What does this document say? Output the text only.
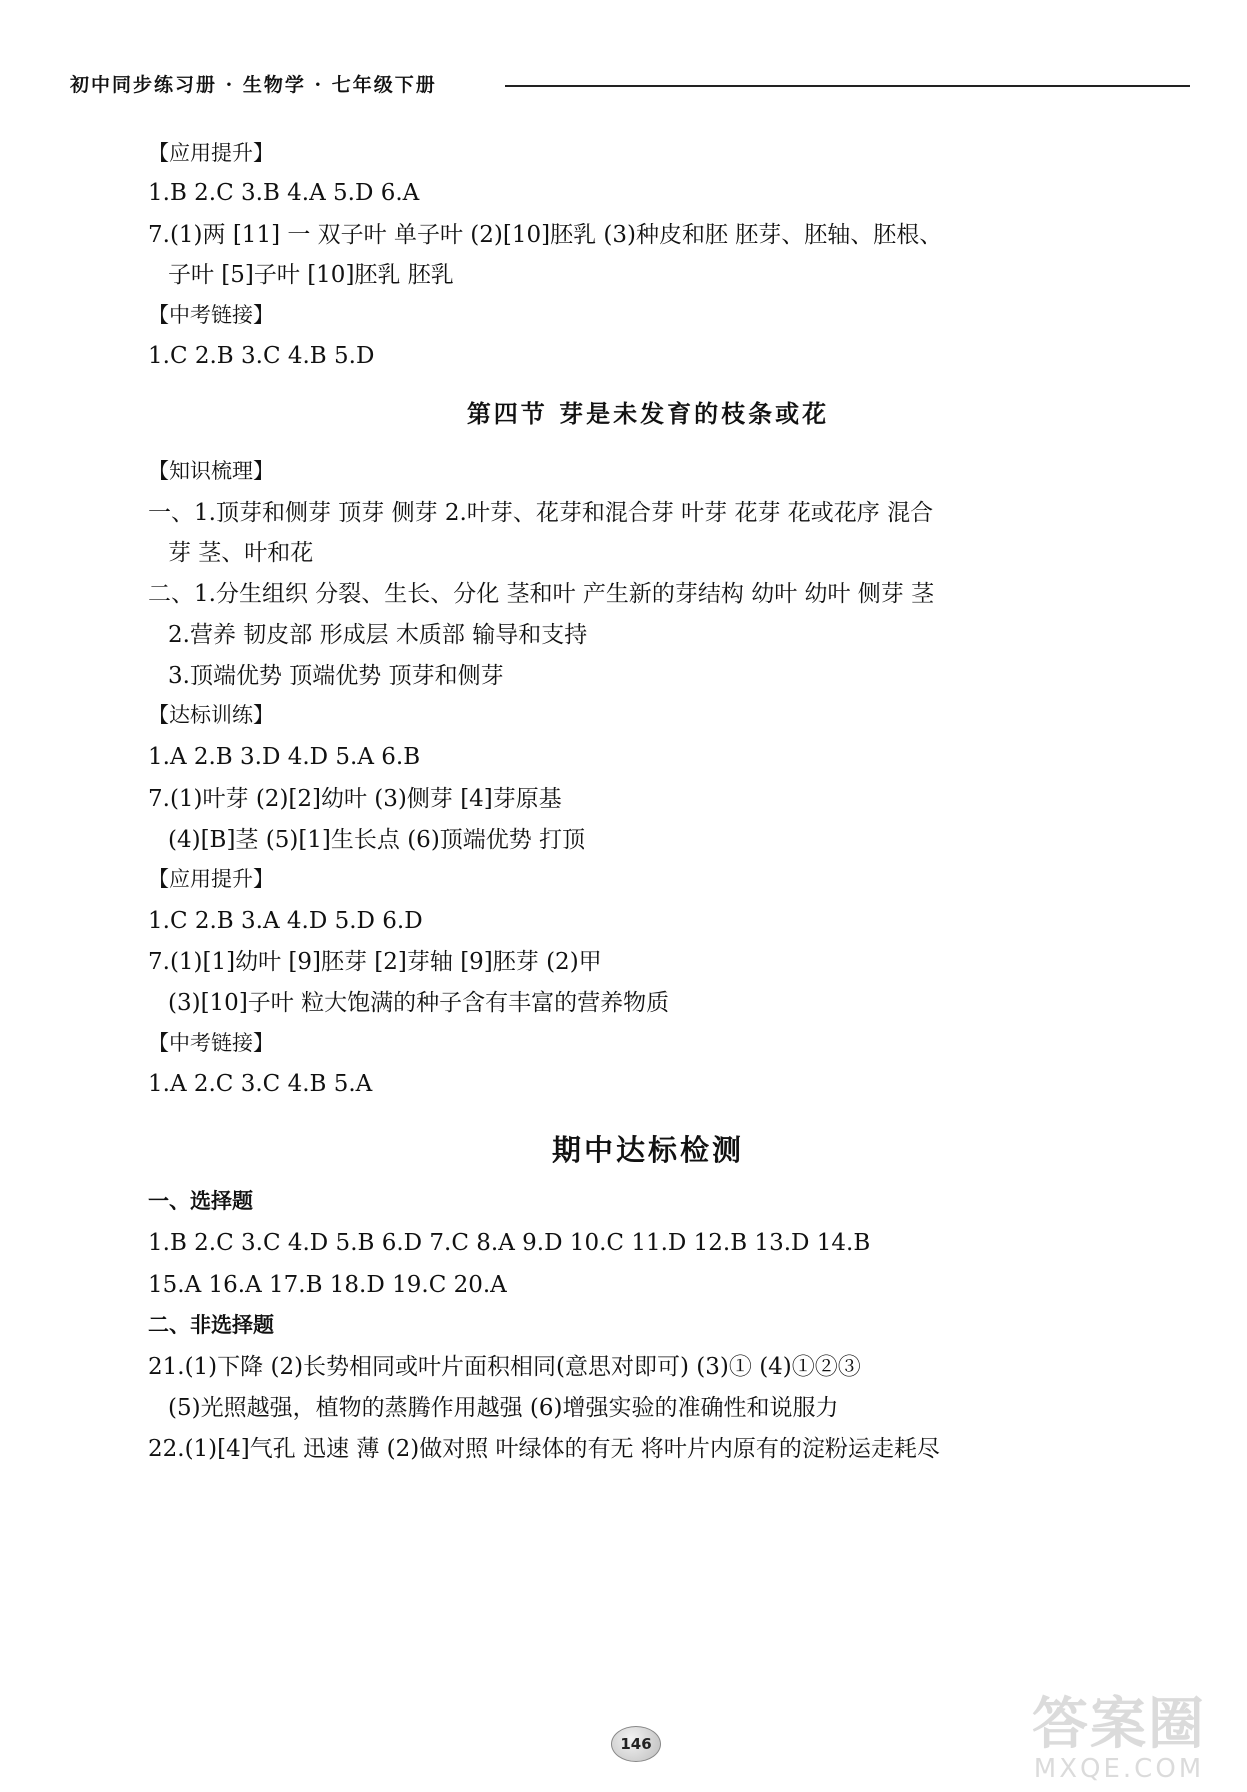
初中同步练习册 · 生物学 · 七年级下册
【应用提升】
1.B 2.C 3.B 4.A 5.D 6.A
7.(1)两 [11] 一 双子叶 单子叶 (2)[10]胚乳 (3)种皮和胚 胚芽、胚轴、胚根、
子叶 [5]子叶 [10]胚乳 胚乳
【中考链接】
1.C 2.B 3.C 4.B 5.D
第四节 芽是未发育的枝条或花
【知识梳理】
一、1.顶芽和侧芽 顶芽 侧芽 2.叶芽、花芽和混合芽 叶芽 花芽 花或花序 混合
芽 茎、叶和花
二、1.分生组织 分裂、生长、分化 茎和叶 产生新的芽结构 幼叶 幼叶 侧芽 茎
2.营养 韧皮部 形成层 木质部 输导和支持
3.顶端优势 顶端优势 顶芽和侧芽
【达标训练】
1.A 2.B 3.D 4.D 5.A 6.B
7.(1)叶芽 (2)[2]幼叶 (3)侧芽 [4]芽原基
(4)[B]茎 (5)[1]生长点 (6)顶端优势 打顶
【应用提升】
1.C 2.B 3.A 4.D 5.D 6.D
7.(1)[1]幼叶 [9]胚芽 [2]芽轴 [9]胚芽 (2)甲
(3)[10]子叶 粒大饱满的种子含有丰富的营养物质
【中考链接】
1.A 2.C 3.C 4.B 5.A
期中达标检测
一、选择题
1.B 2.C 3.C 4.D 5.B 6.D 7.C 8.A 9.D 10.C 11.D 12.B 13.D 14.B
15.A 16.A 17.B 18.D 19.C 20.A
二、非选择题
21.(1)下降 (2)长势相同或叶片面积相同(意思对即可) (3)① (4)①②③
(5)光照越强，植物的蒸腾作用越强 (6)增强实验的准确性和说服力
22.(1)[4]气孔 迅速 薄 (2)做对照 叶绿体的有无 将叶片内原有的淀粉运走耗尽
146	答案圈
MXQE.COM
